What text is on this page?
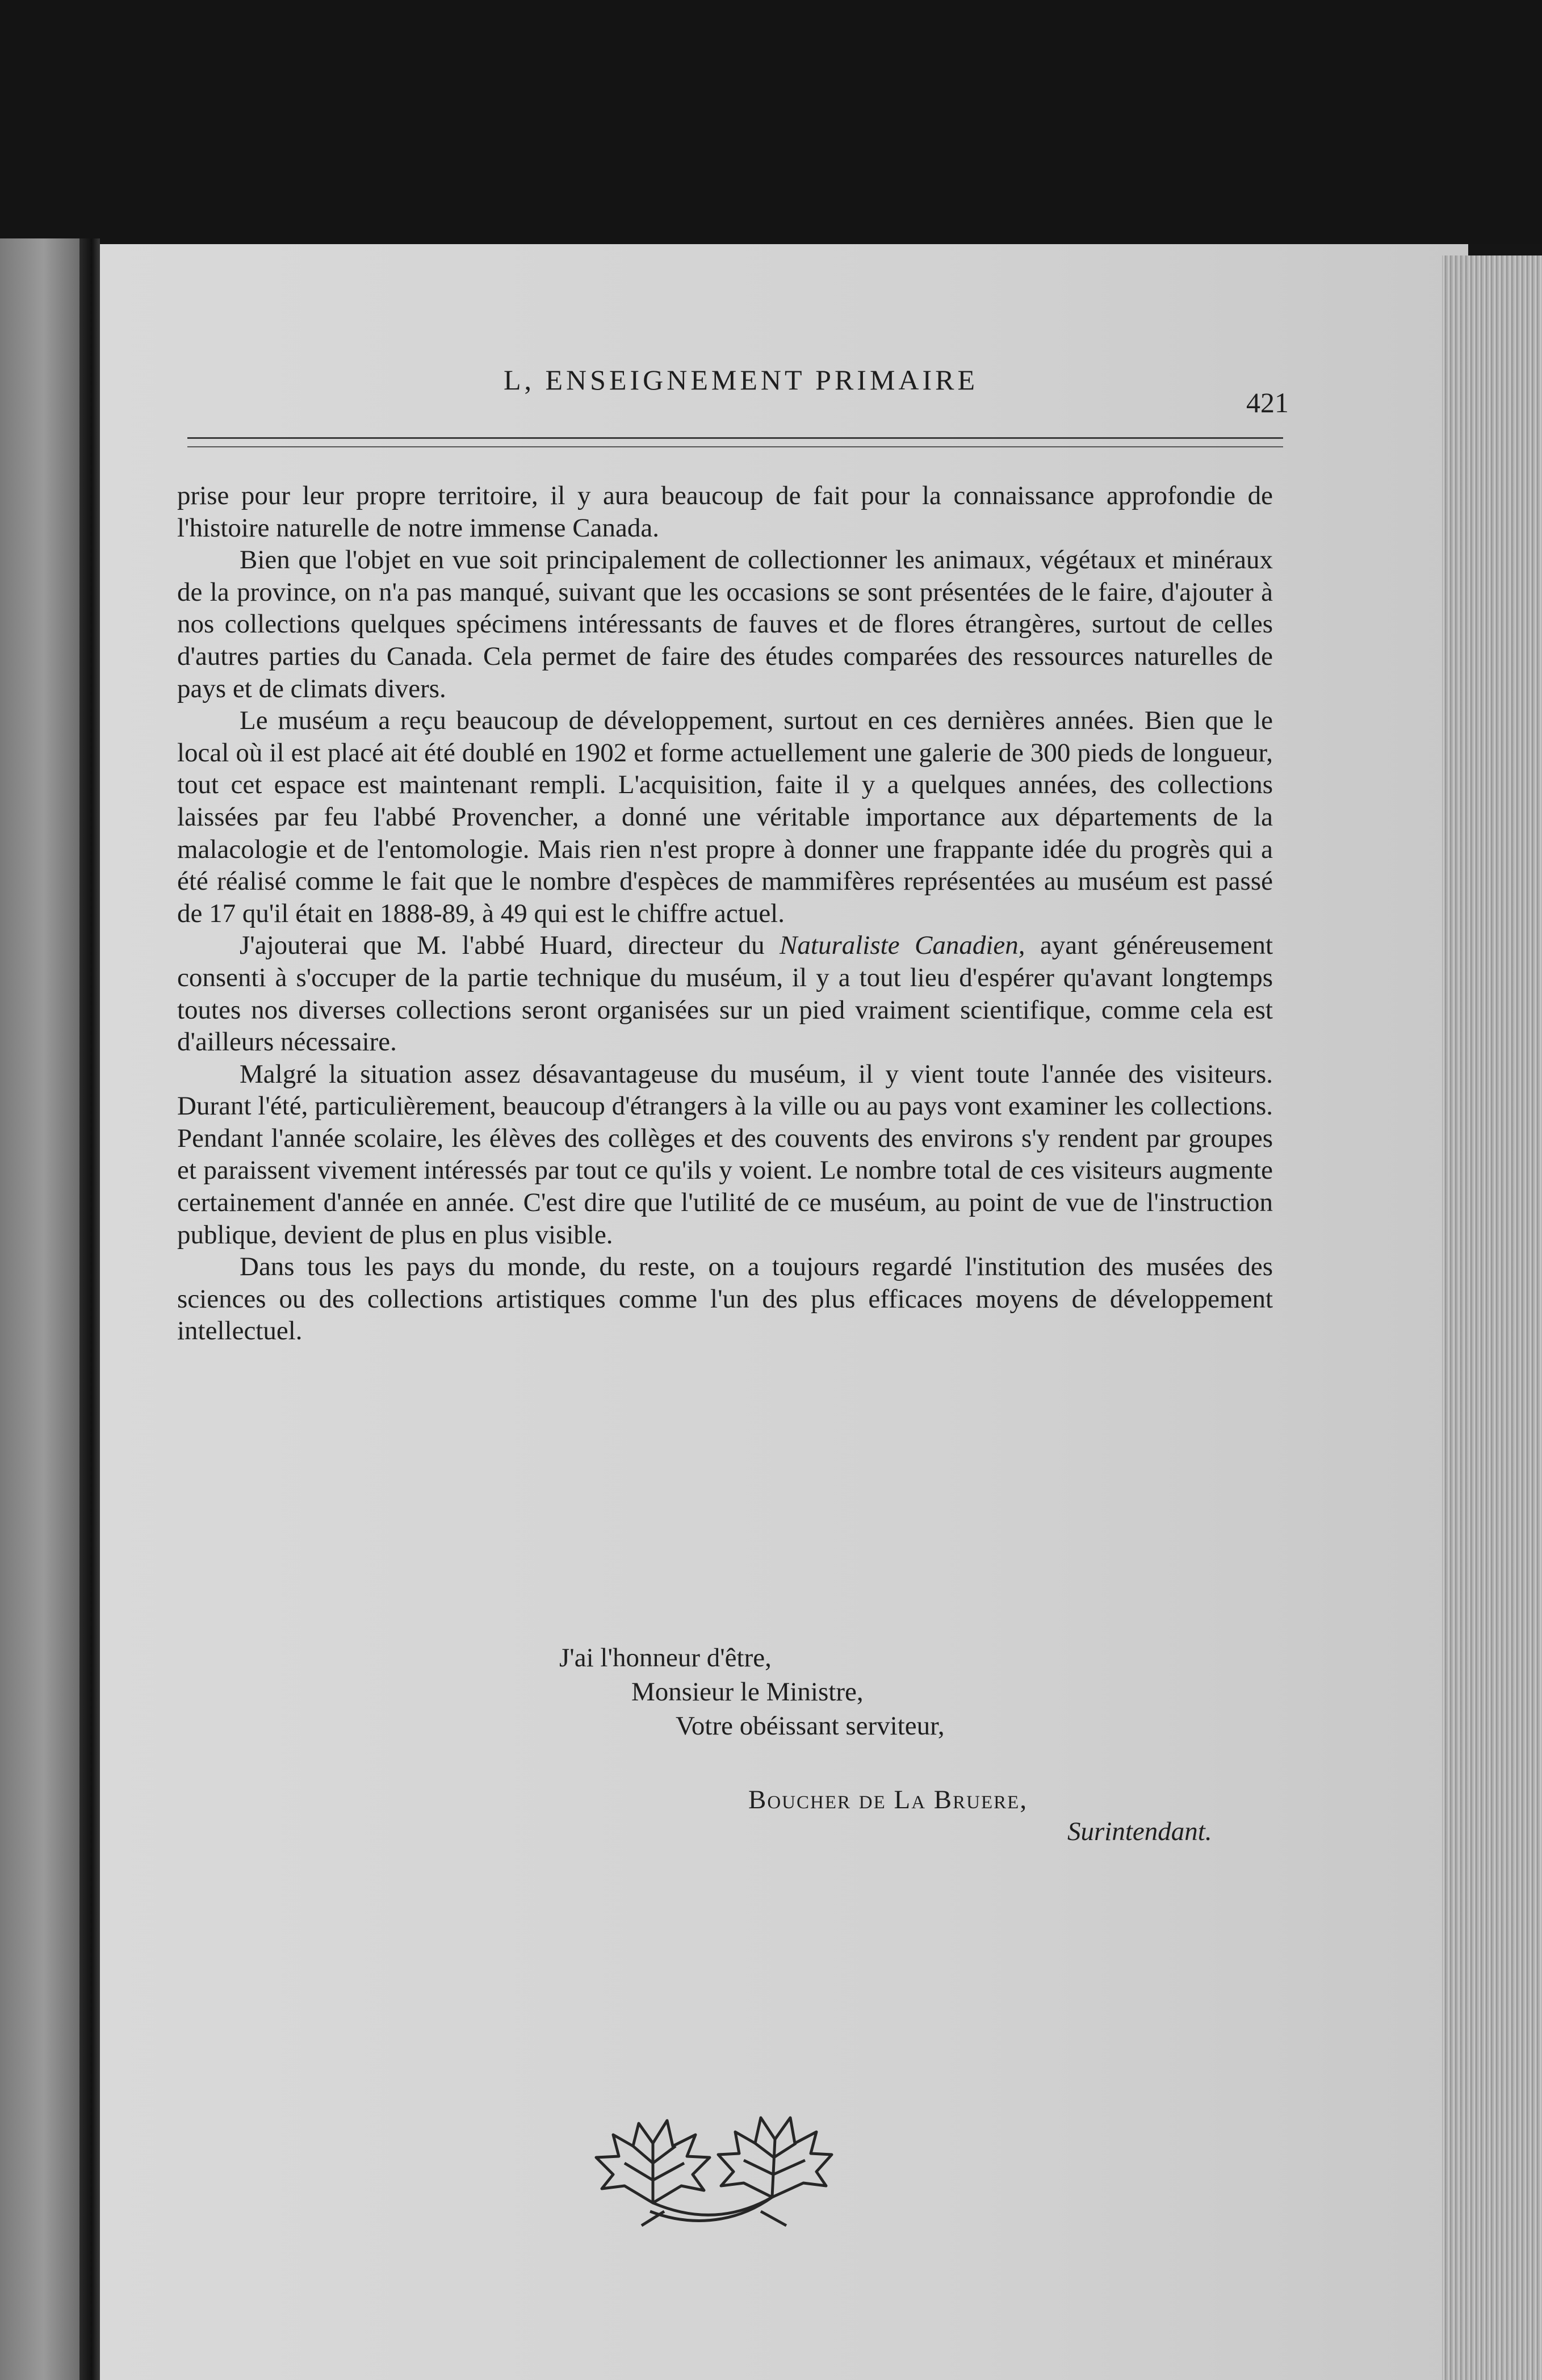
L, ENSEIGNEMENT PRIMAIRE
421

prise pour leur propre territoire, il y aura beaucoup de fait pour la connaissance approfondie de l'histoire naturelle de notre immense Canada.

Bien que l'objet en vue soit principalement de collectionner les animaux, végétaux et minéraux de la province, on n'a pas manqué, suivant que les occasions se sont présentées de le faire, d'ajouter à nos collections quelques spécimens intéressants de fauves et de flores étrangères, surtout de celles d'autres parties du Canada. Cela permet de faire des études comparées des ressources naturelles de pays et de climats divers.

Le muséum a reçu beaucoup de développement, surtout en ces dernières années. Bien que le local où il est placé ait été doublé en 1902 et forme actuellement une galerie de 300 pieds de longueur, tout cet espace est maintenant rempli. L'acquisition, faite il y a quelques années, des collections laissées par feu l'abbé Provencher, a donné une véritable importance aux départements de la malacologie et de l'entomologie. Mais rien n'est propre à donner une frappante idée du progrès qui a été réalisé comme le fait que le nombre d'espèces de mammifères représentées au muséum est passé de 17 qu'il était en 1888-89, à 49 qui est le chiffre actuel.

J'ajouterai que M. l'abbé Huard, directeur du Naturaliste Canadien, ayant généreusement consenti à s'occuper de la partie technique du muséum, il y a tout lieu d'espérer qu'avant longtemps toutes nos diverses collections seront organisées sur un pied vraiment scientifique, comme cela est d'ailleurs nécessaire.

Malgré la situation assez désavantageuse du muséum, il y vient toute l'année des visiteurs. Durant l'été, particulièrement, beaucoup d'étrangers à la ville ou au pays vont examiner les collections. Pendant l'année scolaire, les élèves des collèges et des couvents des environs s'y rendent par groupes et paraissent vivement intéressés par tout ce qu'ils y voient. Le nombre total de ces visiteurs augmente certainement d'année en année. C'est dire que l'utilité de ce muséum, au point de vue de l'instruction publique, devient de plus en plus visible.

Dans tous les pays du monde, du reste, on a toujours regardé l'institution des musées des sciences ou des collections artistiques comme l'un des plus efficaces moyens de développement intellectuel.

J'ai l'honneur d'être,
Monsieur le Ministre,
Votre obéissant serviteur,
Boucher de La Bruere,
Surintendant.
